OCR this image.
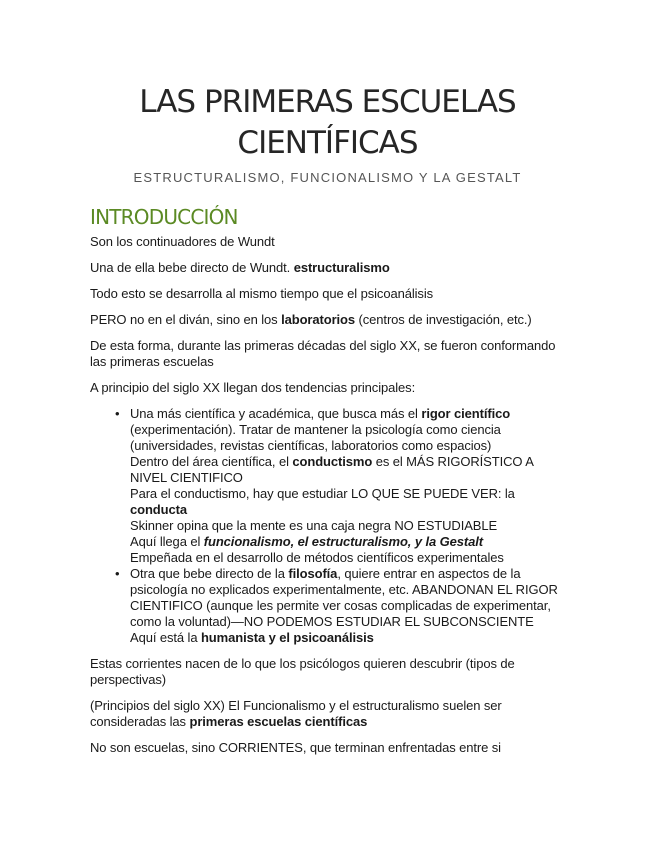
LAS PRIMERAS ESCUELAS
CIENTÍFICAS

ESTRUCTURALISMO, FUNCIONALISMO Y LA GESTALT

INTRODUCCIÓN

Son los continuadores de Wundt

Una de ella bebe directo de Wundt. estructuralismo

Todo esto se desarrolla al mismo tiempo que el psicoanálisis

PERO no en el diván, sino en los laboratorios (centros de investigación, etc.)

De esta forma, durante las primeras décadas del siglo XX, se fueron conformando
las primeras escuelas

A principio del siglo XX llegan dos tendencias principales:

• Una más científica y académica, que busca más el rigor científico
(experimentación). Tratar de mantener la psicología como ciencia
(universidades, revistas científicas, laboratorios como espacios)
Dentro del área científica, el conductismo es el MÁS RIGORÍSTICO A
NIVEL CIENTIFICO
Para el conductismo, hay que estudiar LO QUE SE PUEDE VER: la
conducta
Skinner opina que la mente es una caja negra NO ESTUDIABLE
Aquí llega el funcionalismo, el estructuralismo, y la Gestalt
Empeñada en el desarrollo de métodos científicos experimentales
• Otra que bebe directo de la filosofía, quiere entrar en aspectos de la
psicología no explicados experimentalmente, etc. ABANDONAN EL RIGOR
CIENTIFICO (aunque les permite ver cosas complicadas de experimentar,
como la voluntad)—NO PODEMOS ESTUDIAR EL SUBCONSCIENTE
Aquí está la humanista y el psicoanálisis

Estas corrientes nacen de lo que los psicólogos quieren descubrir (tipos de
perspectivas)

(Principios del siglo XX) El Funcionalismo y el estructuralismo suelen ser
consideradas las primeras escuelas científicas

No son escuelas, sino CORRIENTES, que terminan enfrentadas entre si
